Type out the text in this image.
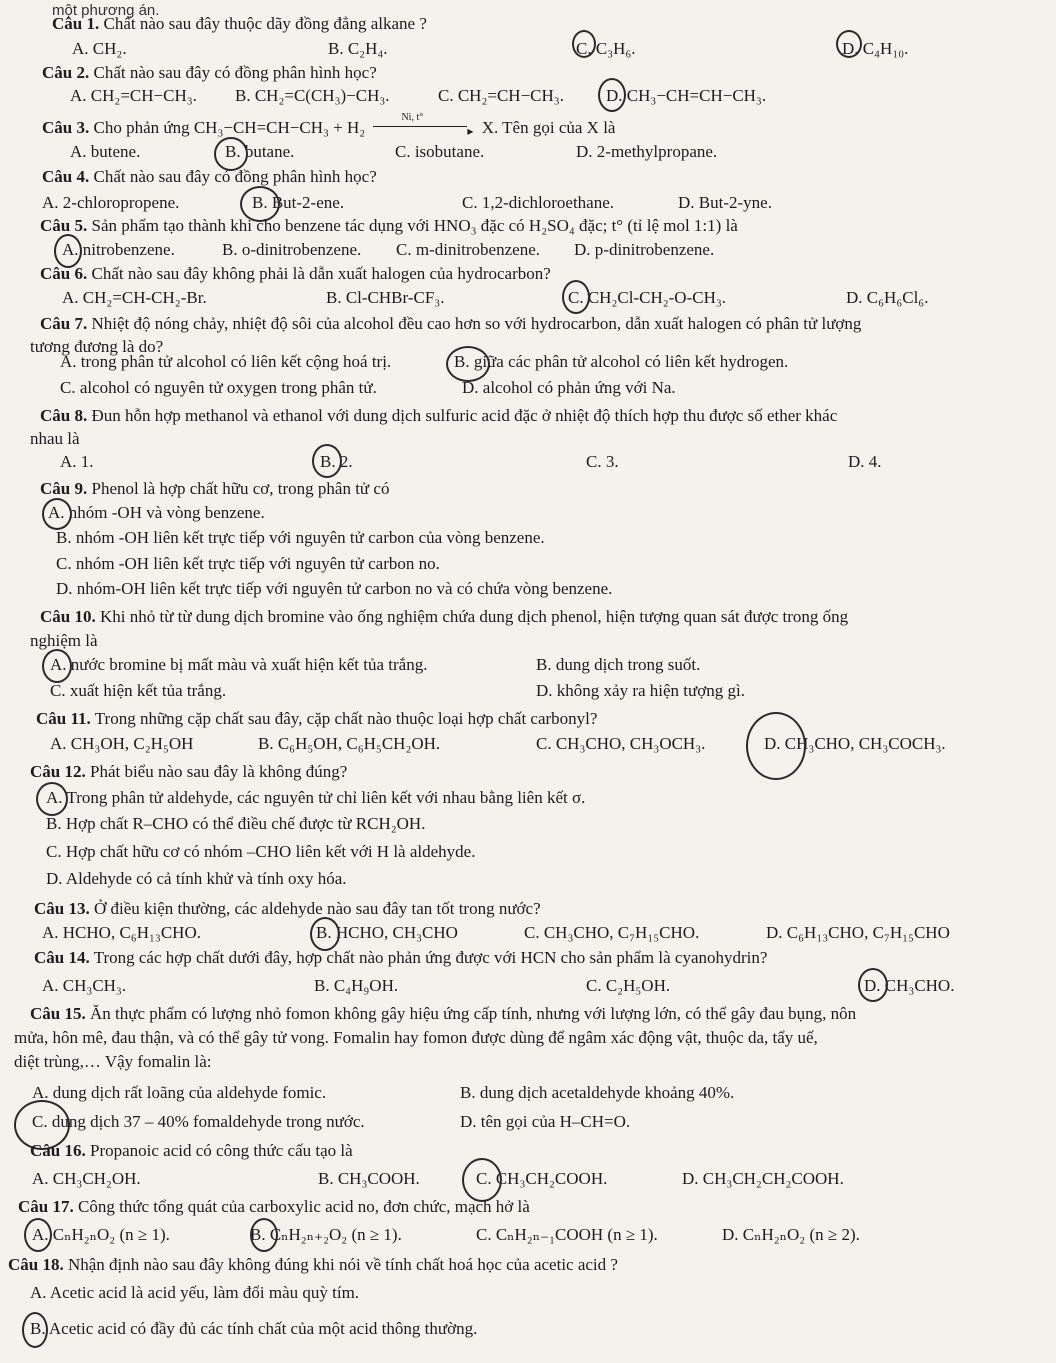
một phương án.
Câu 1. Chất nào sau đây thuộc dãy đồng đẳng alkane ?
A. CH₂.	B. C₂H₄.	C. C₃H₆.	D. C₄H₁₀.
Câu 2. Chất nào sau đây có đồng phân hình học?
A. CH₂=CH−CH₃. B. CH₂=C(CH₃)−CH₃.	C. CH₂=CH−CH₃. D. CH₃−CH=CH−CH₃.
Câu 3. Cho phản ứng CH₃−CH=CH−CH₃ + H₂
Ni, t°
▸ X. Tên gọi của X là
A. butene.	B. butane.	C. isobutane.	D. 2-methylpropane.
Câu 4. Chất nào sau đây có đồng phân hình học?
A. 2-chloropropene.	B. But-2-ene.	C. 1,2-dichloroethane.	D. But-2-yne.
Câu 5. Sản phẩm tạo thành khi cho benzene tác dụng với HNO₃ đặc có H₂SO₄ đặc; t° (tỉ lệ mol 1:1) là
A. nitrobenzene.	B. o-dinitrobenzene. C. m-dinitrobenzene. D. p-dinitrobenzene.
Câu 6. Chất nào sau đây không phải là dẫn xuất halogen của hydrocarbon?
A. CH₂=CH-CH₂-Br.	B. Cl-CHBr-CF₃.	C. CH₂Cl-CH₂-O-CH₃.	D. C₆H₆Cl₆.
Câu 7. Nhiệt độ nóng chảy, nhiệt độ sôi của alcohol đều cao hơn so với hydrocarbon, dẫn xuất halogen có phân tử lượng
tương đương là do?
A. trong phân tử alcohol có liên kết cộng hoá trị.	B. giữa các phân tử alcohol có liên kết hydrogen.
C. alcohol có nguyên tử oxygen trong phân tử.	D. alcohol có phản ứng với Na.
Câu 8. Đun hỗn hợp methanol và ethanol với dung dịch sulfuric acid đặc ở nhiệt độ thích hợp thu được số ether khác
nhau là
A. 1.	B. 2.	C. 3.	D. 4.
Câu 9. Phenol là hợp chất hữu cơ, trong phân tử có
A. nhóm -OH và vòng benzene.
B. nhóm -OH liên kết trực tiếp với nguyên tử carbon của vòng benzene.
C. nhóm -OH liên kết trực tiếp với nguyên tử carbon no.
D. nhóm-OH liên kết trực tiếp với nguyên tử carbon no và có chứa vòng benzene.
Câu 10. Khi nhỏ từ từ dung dịch bromine vào ống nghiệm chứa dung dịch phenol, hiện tượng quan sát được trong ống
nghiệm là
A. nước bromine bị mất màu và xuất hiện kết tủa trắng.	B. dung dịch trong suốt.
C. xuất hiện kết tủa trắng.	D. không xảy ra hiện tượng gì.
Câu 11. Trong những cặp chất sau đây, cặp chất nào thuộc loại hợp chất carbonyl?
A. CH₃OH, C₂H₅OH	B. C₆H₅OH, C₆H₅CH₂OH.	C. CH₃CHO, CH₃OCH₃.	D. CH₃CHO, CH₃COCH₃.
Câu 12. Phát biểu nào sau đây là không đúng?
A. Trong phân tử aldehyde, các nguyên tử chỉ liên kết với nhau bằng liên kết σ.
B. Hợp chất R–CHO có thể điều chế được từ RCH₂OH.
C. Hợp chất hữu cơ có nhóm –CHO liên kết với H là aldehyde.
D. Aldehyde có cả tính khử và tính oxy hóa.
Câu 13. Ở điều kiện thường, các aldehyde nào sau đây tan tốt trong nước?
A. HCHO, C₆H₁₃CHO.	B. HCHO, CH₃CHO	C. CH₃CHO, C₇H₁₅CHO.	D. C₆H₁₃CHO, C₇H₁₅CHO
Câu 14. Trong các hợp chất dưới đây, hợp chất nào phản ứng được với HCN cho sản phẩm là cyanohydrin?
A. CH₃CH₃.	B. C₄H₉OH.	C. C₂H₅OH.	D. CH₃CHO.
Câu 15. Ăn thực phẩm có lượng nhỏ fomon không gây hiệu ứng cấp tính, nhưng với lượng lớn, có thể gây đau bụng, nôn
mửa, hôn mê, đau thận, và có thể gây tử vong. Fomalin hay fomon được dùng để ngâm xác động vật, thuộc da, tẩy uế,
diệt trùng,… Vậy fomalin là:
A. dung dịch rất loãng của aldehyde fomic.	B. dung dịch acetaldehyde khoảng 40%.
C. dung dịch 37 – 40% fomaldehyde trong nước.	D. tên gọi của H–CH=O.
Câu 16. Propanoic acid có công thức cấu tạo là
A. CH₃CH₂OH.	B. CH₃COOH.	C. CH₃CH₂COOH.	D. CH₃CH₂CH₂COOH.
Câu 17. Công thức tổng quát của carboxylic acid no, đơn chức, mạch hở là
A. CₙH₂ₙO₂ (n ≥ 1).	B. CₙH₂ₙ₊₂O₂ (n ≥ 1).	C. CₙH₂ₙ₋₁COOH (n ≥ 1).	D. CₙH₂ₙO₂ (n ≥ 2).
Câu 18. Nhận định nào sau đây không đúng khi nói về tính chất hoá học của acetic acid ?
A. Acetic acid là acid yếu, làm đổi màu quỳ tím.
B. Acetic acid có đầy đủ các tính chất của một acid thông thường.
